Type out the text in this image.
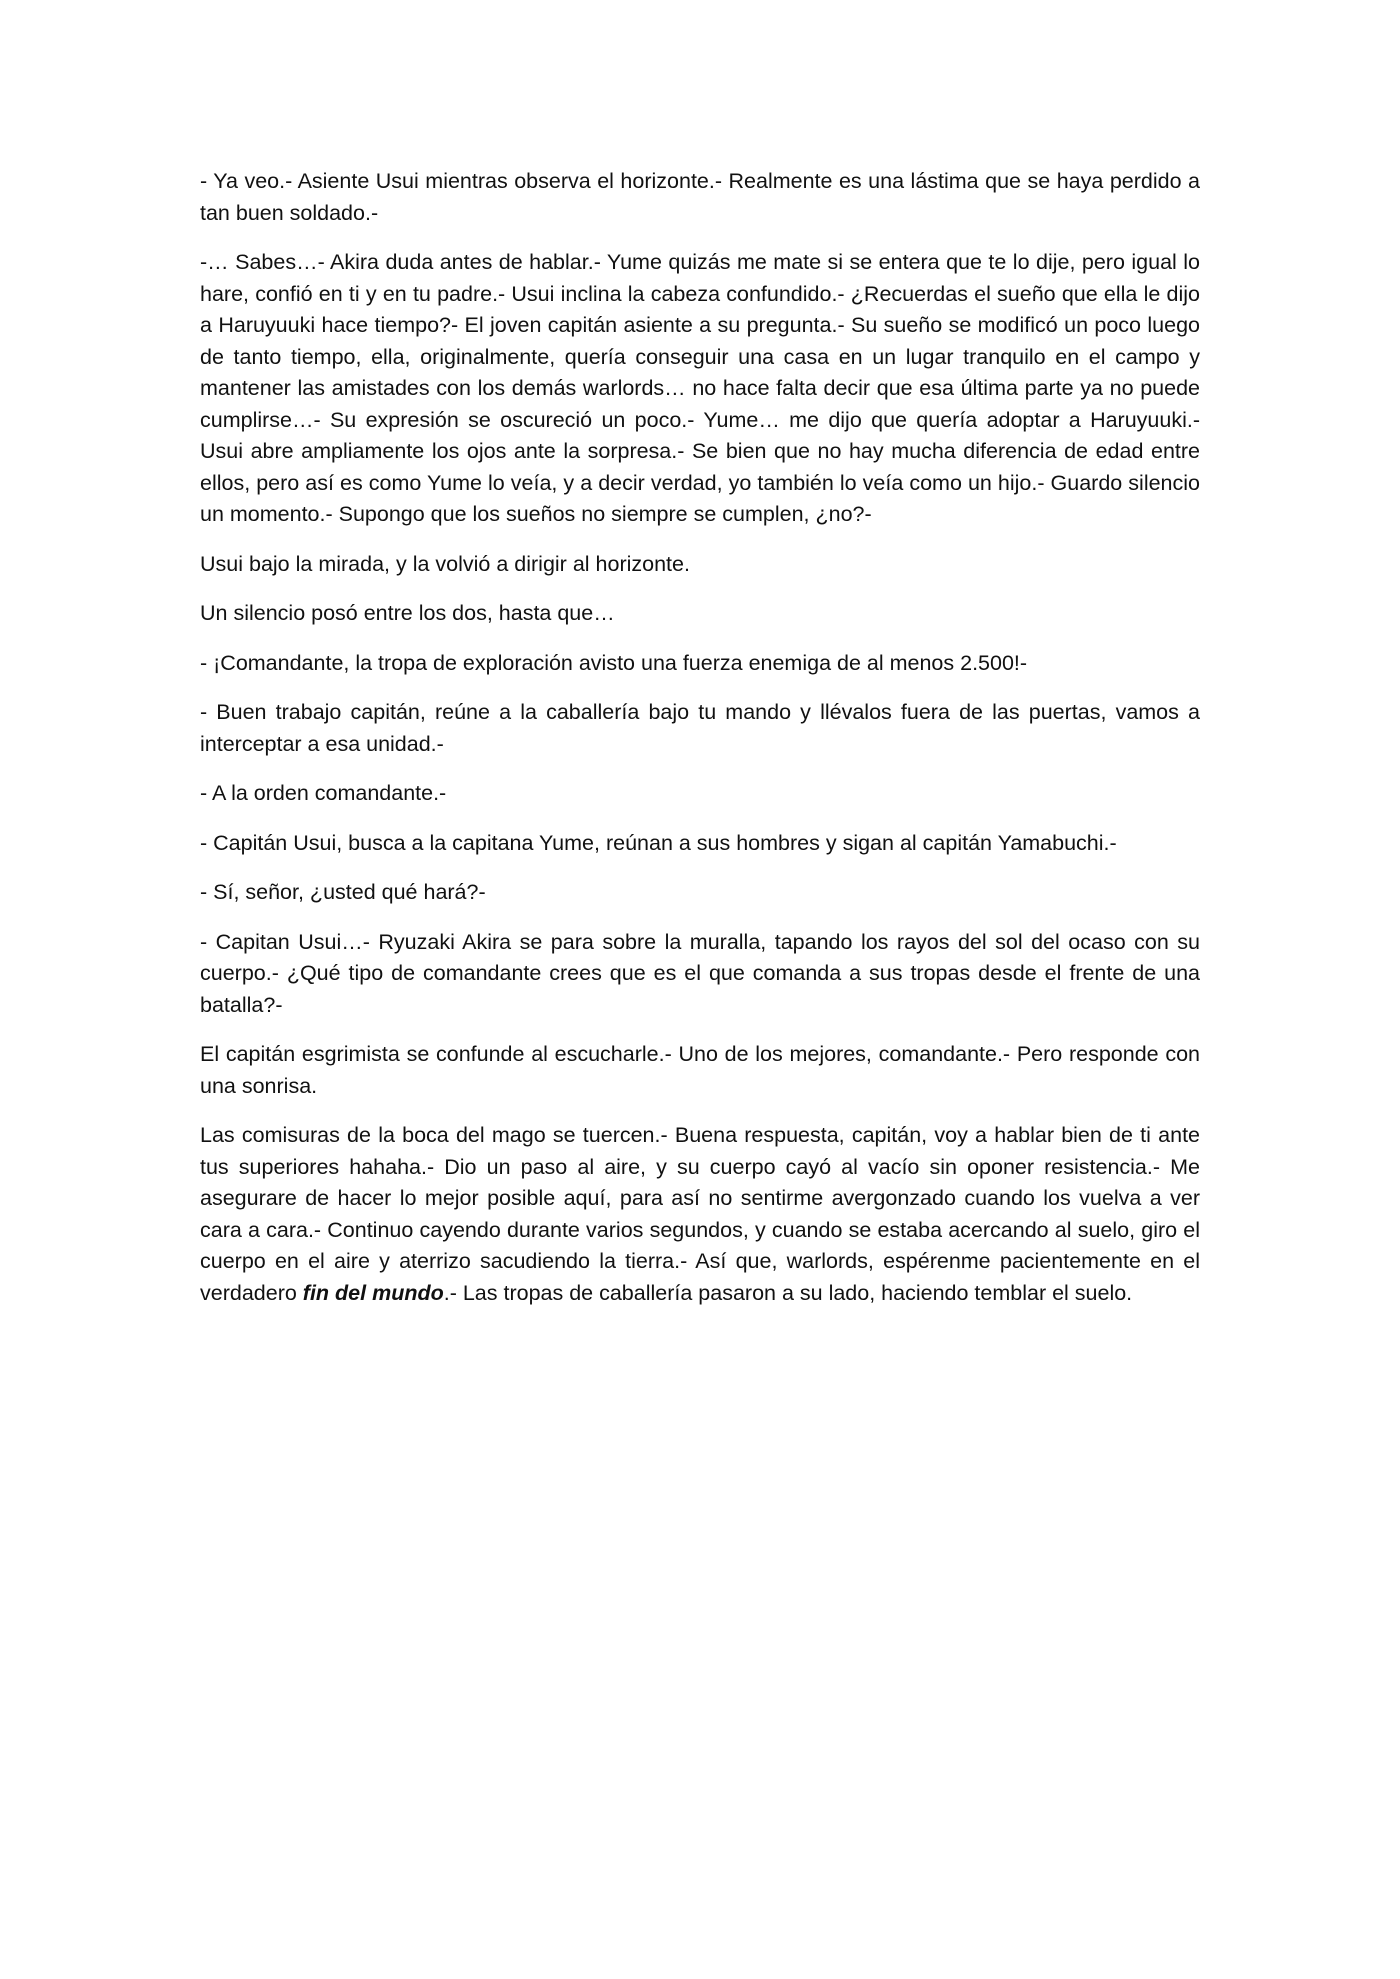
- Ya veo.- Asiente Usui mientras observa el horizonte.- Realmente es una lástima que se haya perdido a tan buen soldado.-

-… Sabes…- Akira duda antes de hablar.- Yume quizás me mate si se entera que te lo dije, pero igual lo hare, confió en ti y en tu padre.- Usui inclina la cabeza confundido.- ¿Recuerdas el sueño que ella le dijo a Haruyuuki hace tiempo?- El joven capitán asiente a su pregunta.- Su sueño se modificó un poco luego de tanto tiempo, ella, originalmente, quería conseguir una casa en un lugar tranquilo en el campo y mantener las amistades con los demás warlords… no hace falta decir que esa última parte ya no puede cumplirse…- Su expresión se oscureció un poco.- Yume… me dijo que quería adoptar a Haruyuuki.- Usui abre ampliamente los ojos ante la sorpresa.- Se bien que no hay mucha diferencia de edad entre ellos, pero así es como Yume lo veía, y a decir verdad, yo también lo veía como un hijo.- Guardo silencio un momento.- Supongo que los sueños no siempre se cumplen, ¿no?-

Usui bajo la mirada, y la volvió a dirigir al horizonte.

Un silencio posó entre los dos, hasta que…

- ¡Comandante, la tropa de exploración avisto una fuerza enemiga de al menos 2.500!-

- Buen trabajo capitán, reúne a la caballería bajo tu mando y llévalos fuera de las puertas, vamos a interceptar a esa unidad.-

- A la orden comandante.-

- Capitán Usui, busca a la capitana Yume, reúnan a sus hombres y sigan al capitán Yamabuchi.-

- Sí, señor, ¿usted qué hará?-

- Capitan Usui…- Ryuzaki Akira se para sobre la muralla, tapando los rayos del sol del ocaso con su cuerpo.- ¿Qué tipo de comandante crees que es el que comanda a sus tropas desde el frente de una batalla?-

El capitán esgrimista se confunde al escucharle.- Uno de los mejores, comandante.- Pero responde con una sonrisa.

Las comisuras de la boca del mago se tuercen.- Buena respuesta, capitán, voy a hablar bien de ti ante tus superiores hahaha.- Dio un paso al aire, y su cuerpo cayó al vacío sin oponer resistencia.- Me asegurare de hacer lo mejor posible aquí, para así no sentirme avergonzado cuando los vuelva a ver cara a cara.- Continuo cayendo durante varios segundos, y cuando se estaba acercando al suelo, giro el cuerpo en el aire y aterrizo sacudiendo la tierra.- Así que, warlords, espérenme pacientemente en el verdadero fin del mundo.- Las tropas de caballería pasaron a su lado, haciendo temblar el suelo.
